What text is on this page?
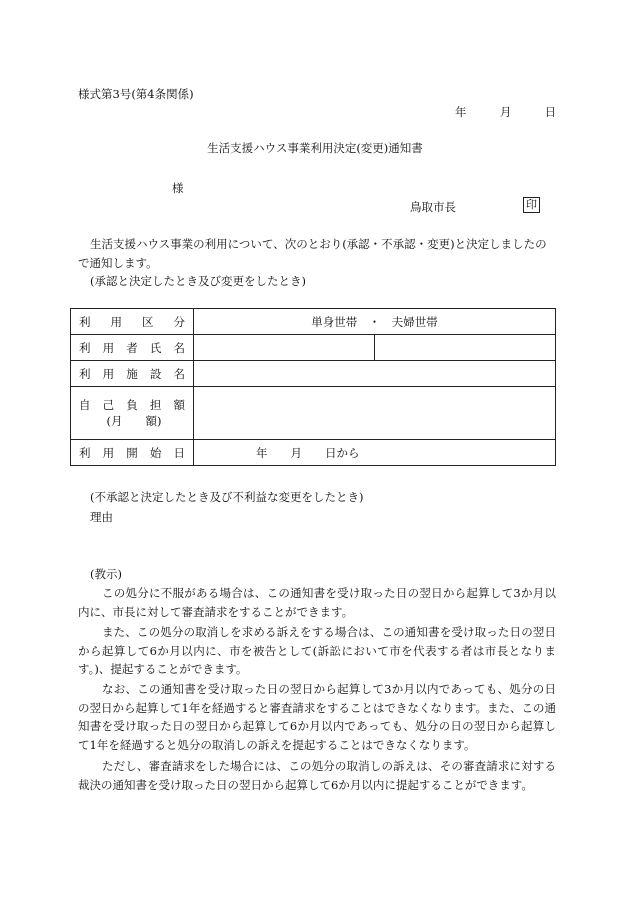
様式第3号(第4条関係)
年	月	日
生活支援ハウス事業利用決定(変更)通知書
様
鳥取市長	印
生活支援ハウス事業の利用について、次のとおり(承認・不承認・変更)と決定しましたので通知します。
(承認と決定したとき及び変更をしたとき)
利用区分	単身世帯　・　夫婦世帯	
利用者氏名		
利用施設名		

自己負担額
(月　　額)		

利用開始日	年　　月　　日から	
(不承認と決定したとき及び不利益な変更をしたとき)
理由
(教示)
この処分に不服がある場合は、この通知書を受け取った日の翌日から起算して3か月以内に、市長に対して審査請求をすることができます。
また、この処分の取消しを求める訴えをする場合は、この通知書を受け取った日の翌日から起算して6か月以内に、市を被告として(訴訟において市を代表する者は市長となります。)、提起することができます。
なお、この通知書を受け取った日の翌日から起算して3か月以内であっても、処分の日の翌日から起算して1年を経過すると審査請求をすることはできなくなります。また、この通知書を受け取った日の翌日から起算して6か月以内であっても、処分の日の翌日から起算して1年を経過すると処分の取消しの訴えを提起することはできなくなります。
ただし、審査請求をした場合には、この処分の取消しの訴えは、その審査請求に対する裁決の通知書を受け取った日の翌日から起算して6か月以内に提起することができます。
